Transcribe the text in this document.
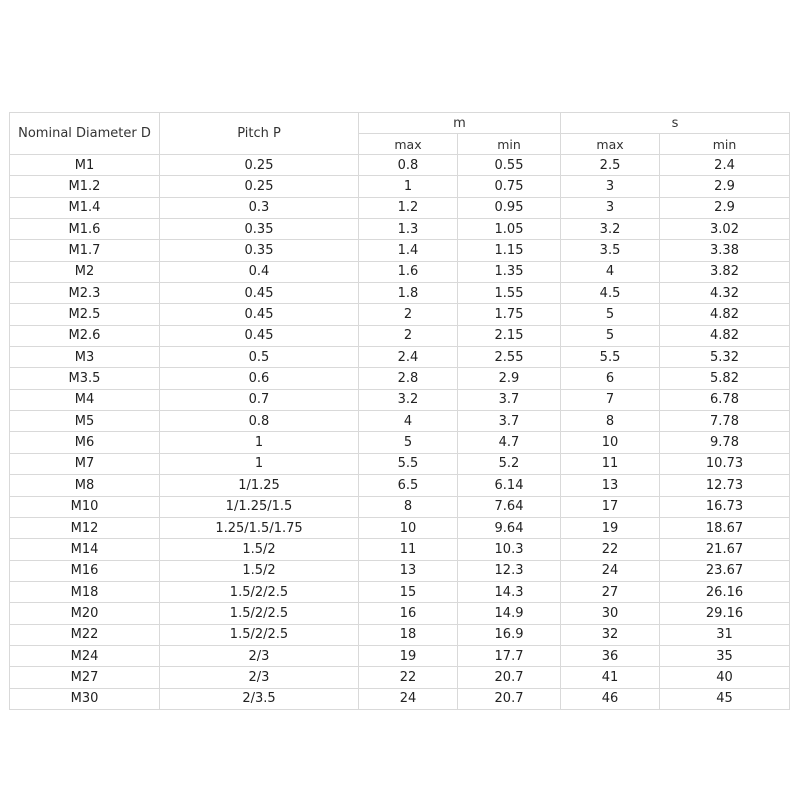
Nominal Diameter D	Pitch P	m		s	
		max	min	max	min
M1	0.25	0.8	0.55	2.5	2.4
M1.2	0.25	1	0.75	3	2.9
M1.4	0.3	1.2	0.95	3	2.9
M1.6	0.35	1.3	1.05	3.2	3.02
M1.7	0.35	1.4	1.15	3.5	3.38
M2	0.4	1.6	1.35	4	3.82
M2.3	0.45	1.8	1.55	4.5	4.32
M2.5	0.45	2	1.75	5	4.82
M2.6	0.45	2	2.15	5	4.82
M3	0.5	2.4	2.55	5.5	5.32
M3.5	0.6	2.8	2.9	6	5.82
M4	0.7	3.2	3.7	7	6.78
M5	0.8	4	3.7	8	7.78
M6	1	5	4.7	10	9.78
M7	1	5.5	5.2	11	10.73
M8	1/1.25	6.5	6.14	13	12.73
M10	1/1.25/1.5	8	7.64	17	16.73
M12	1.25/1.5/1.75	10	9.64	19	18.67
M14	1.5/2	11	10.3	22	21.67
M16	1.5/2	13	12.3	24	23.67
M18	1.5/2/2.5	15	14.3	27	26.16
M20	1.5/2/2.5	16	14.9	30	29.16
M22	1.5/2/2.5	18	16.9	32	31
M24	2/3	19	17.7	36	35
M27	2/3	22	20.7	41	40
M30	2/3.5	24	20.7	46	45
